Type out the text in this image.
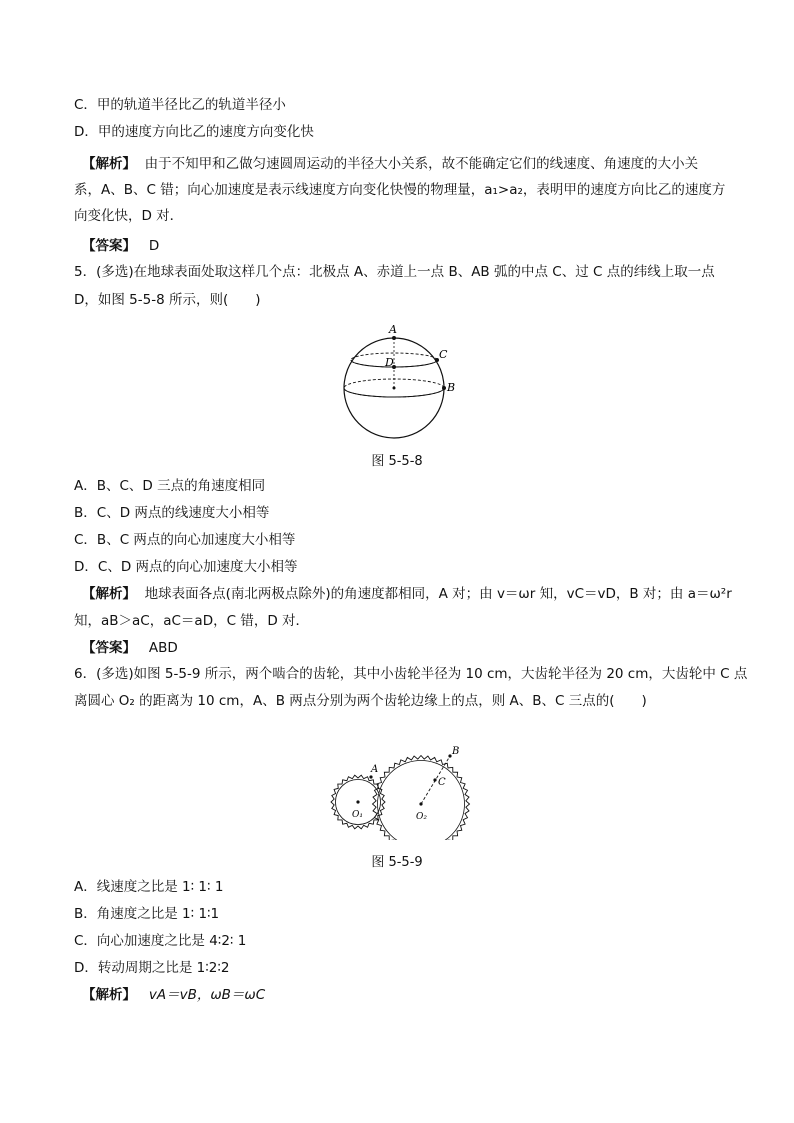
C．甲的轨道半径比乙的轨道半径小
D．甲的速度方向比乙的速度方向变化快
【解析】 由于不知甲和乙做匀速圆周运动的半径大小关系，故不能确定它们的线速度、角速度的大小关
系，A、B、C 错；向心加速度是表示线速度方向变化快慢的物理量，a₁>a₂，表明甲的速度方向比乙的速度方
向变化快，D 对．
【答案】 D
5．(多选)在地球表面处取这样几个点：北极点 A、赤道上一点 B、AB 弧的中点 C、过 C 点的纬线上取一点
D，如图 5-5-8 所示，则(　　)
A
C
D
B
图 5-5-8
A．B、C、D 三点的角速度相同
B．C、D 两点的线速度大小相等
C．B、C 两点的向心加速度大小相等
D．C、D 两点的向心加速度大小相等
【解析】 地球表面各点(南北两极点除外)的角速度都相同，A 对；由 v＝ωr 知，vC＝vD，B 对；由 a＝ω²r
知，aB＞aC，aC＝aD，C 错，D 对．
【答案】 ABD
6．(多选)如图 5-5-9 所示，两个啮合的齿轮，其中小齿轮半径为 10 cm，大齿轮半径为 20 cm，大齿轮中 C 点
离圆心 O₂ 的距离为 10 cm，A、B 两点分别为两个齿轮边缘上的点，则 A、B、C 三点的(　　)
A
B
C
O₁	O₂
图 5-5-9
A．线速度之比是 1∶ 1∶ 1
B．角速度之比是 1∶ 1∶1
C．向心加速度之比是 4∶2∶ 1
D．转动周期之比是 1∶2∶2
【解析】 vA＝vB，ωB＝ωC
